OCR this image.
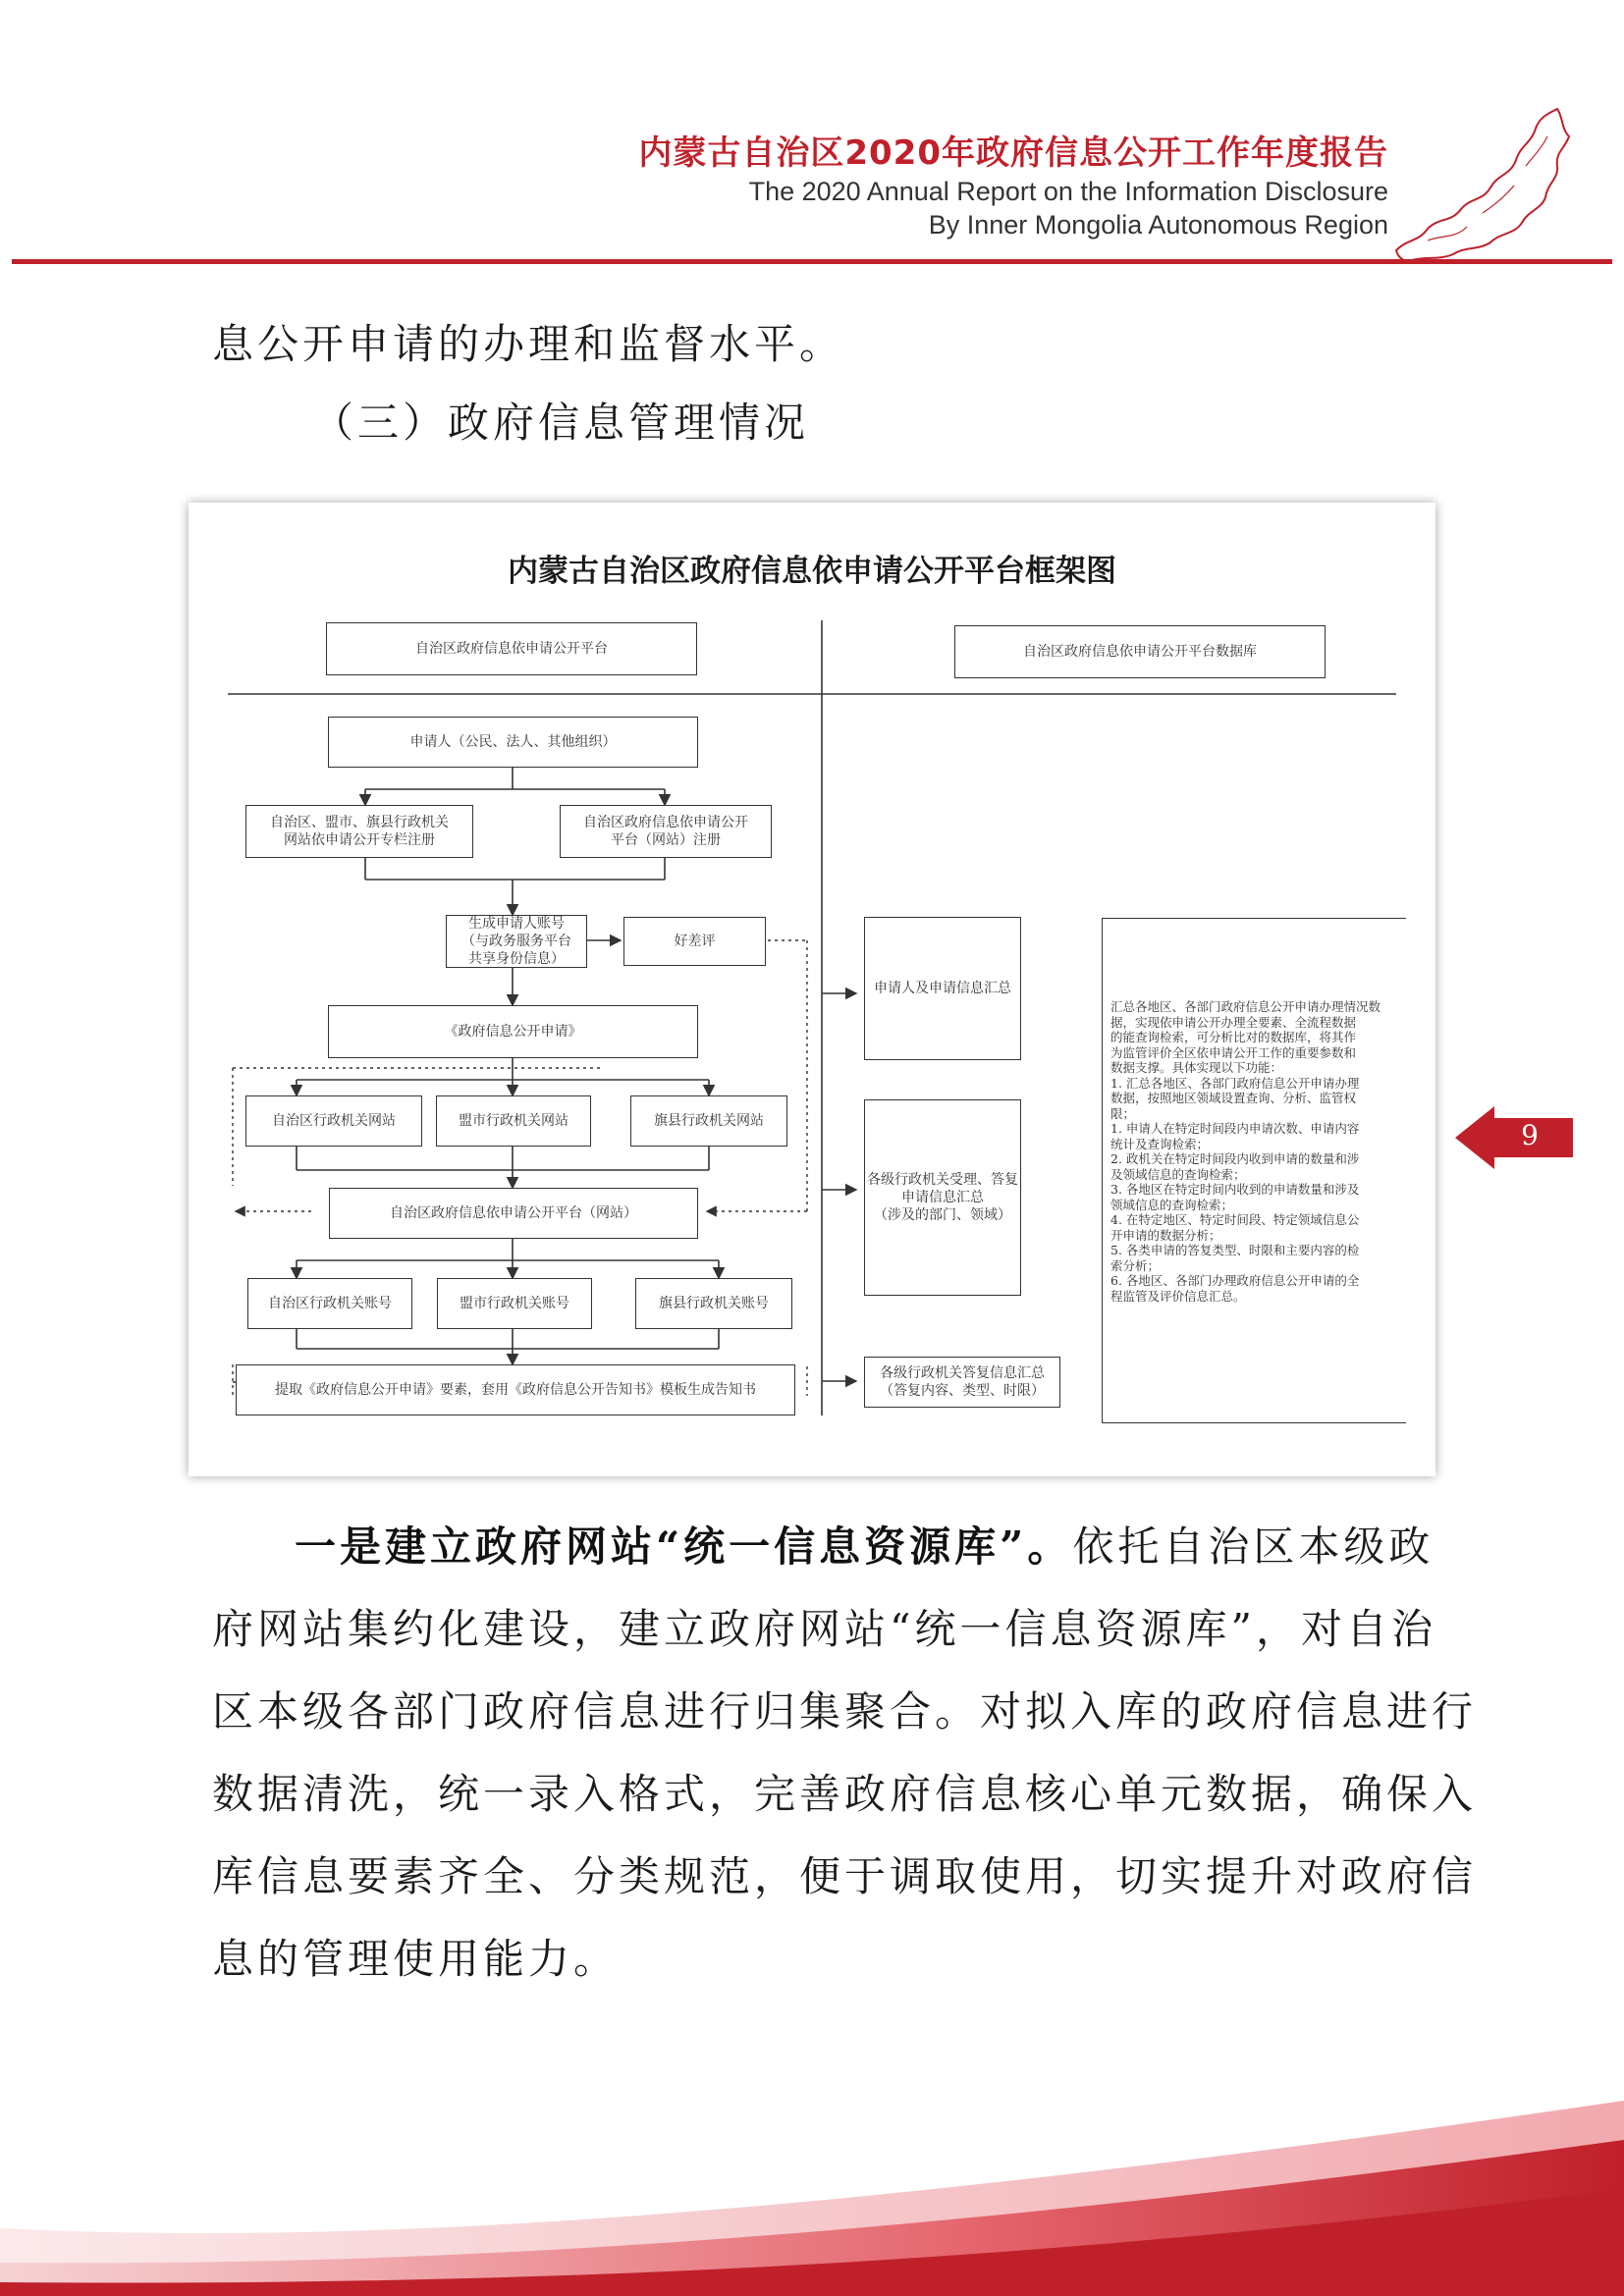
内蒙古自治区2020年政府信息公开工作年度报告
The 2020 Annual Report on the Information Disclosure
By Inner Mongolia Autonomous Region
息公开申请的办理和监督水平。
（三）政府信息管理情况
内蒙古自治区政府信息依申请公开平台框架图
自治区政府信息依申请公开平台	自治区政府信息依申请公开平台数据库
申请人（公民、法人、其他组织）
自治区、盟市、旗县行政机关
网站依申请公开专栏注册
自治区政府信息依申请公开
平台（网站）注册
生成申请人账号
（与政务服务平台
共享身份信息）
好差评
《政府信息公开申请》
自治区行政机关网站	盟市行政机关网站	旗县行政机关网站
自治区政府信息依申请公开平台（网站）
自治区行政机关账号	盟市行政机关账号	旗县行政机关账号
提取《政府信息公开申请》要素，套用《政府信息公开告知书》模板生成告知书
申请人及申请信息汇总
各级行政机关受理、答复
申请信息汇总
（涉及的部门、领域）
各级行政机关答复信息汇总
（答复内容、类型、时限）
汇总各地区、各部门政府信息公开申请办理情况数
据，实现依申请公开办理全要素、全流程数据
的能查询检索，可分析比对的数据库，将其作
为监管评价全区依申请公开工作的重要参数和
数据支撑。具体实现以下功能：
1. 汇总各地区、各部门政府信息公开申请办理
数据，按照地区领域设置查询、分析、监管权
限；
1. 申请人在特定时间段内申请次数、申请内容
统计及查询检索；
2. 政机关在特定时间段内收到申请的数量和涉
及领域信息的查询检索；
3. 各地区在特定时间内收到的申请数量和涉及
领域信息的查询检索；
4. 在特定地区、特定时间段、特定领域信息公
开申请的数据分析；
5. 各类申请的答复类型、时限和主要内容的检
索分析；
6. 各地区、各部门办理政府信息公开申请的全
程监管及评价信息汇总。
9
一是建立政府网站“统一信息资源库”。依托自治区本级政
府网站集约化建设，建立政府网站“统一信息资源库”，对自治
区本级各部门政府信息进行归集聚合。对拟入库的政府信息进行
数据清洗，统一录入格式，完善政府信息核心单元数据，确保入
库信息要素齐全、分类规范，便于调取使用，切实提升对政府信
息的管理使用能力。
